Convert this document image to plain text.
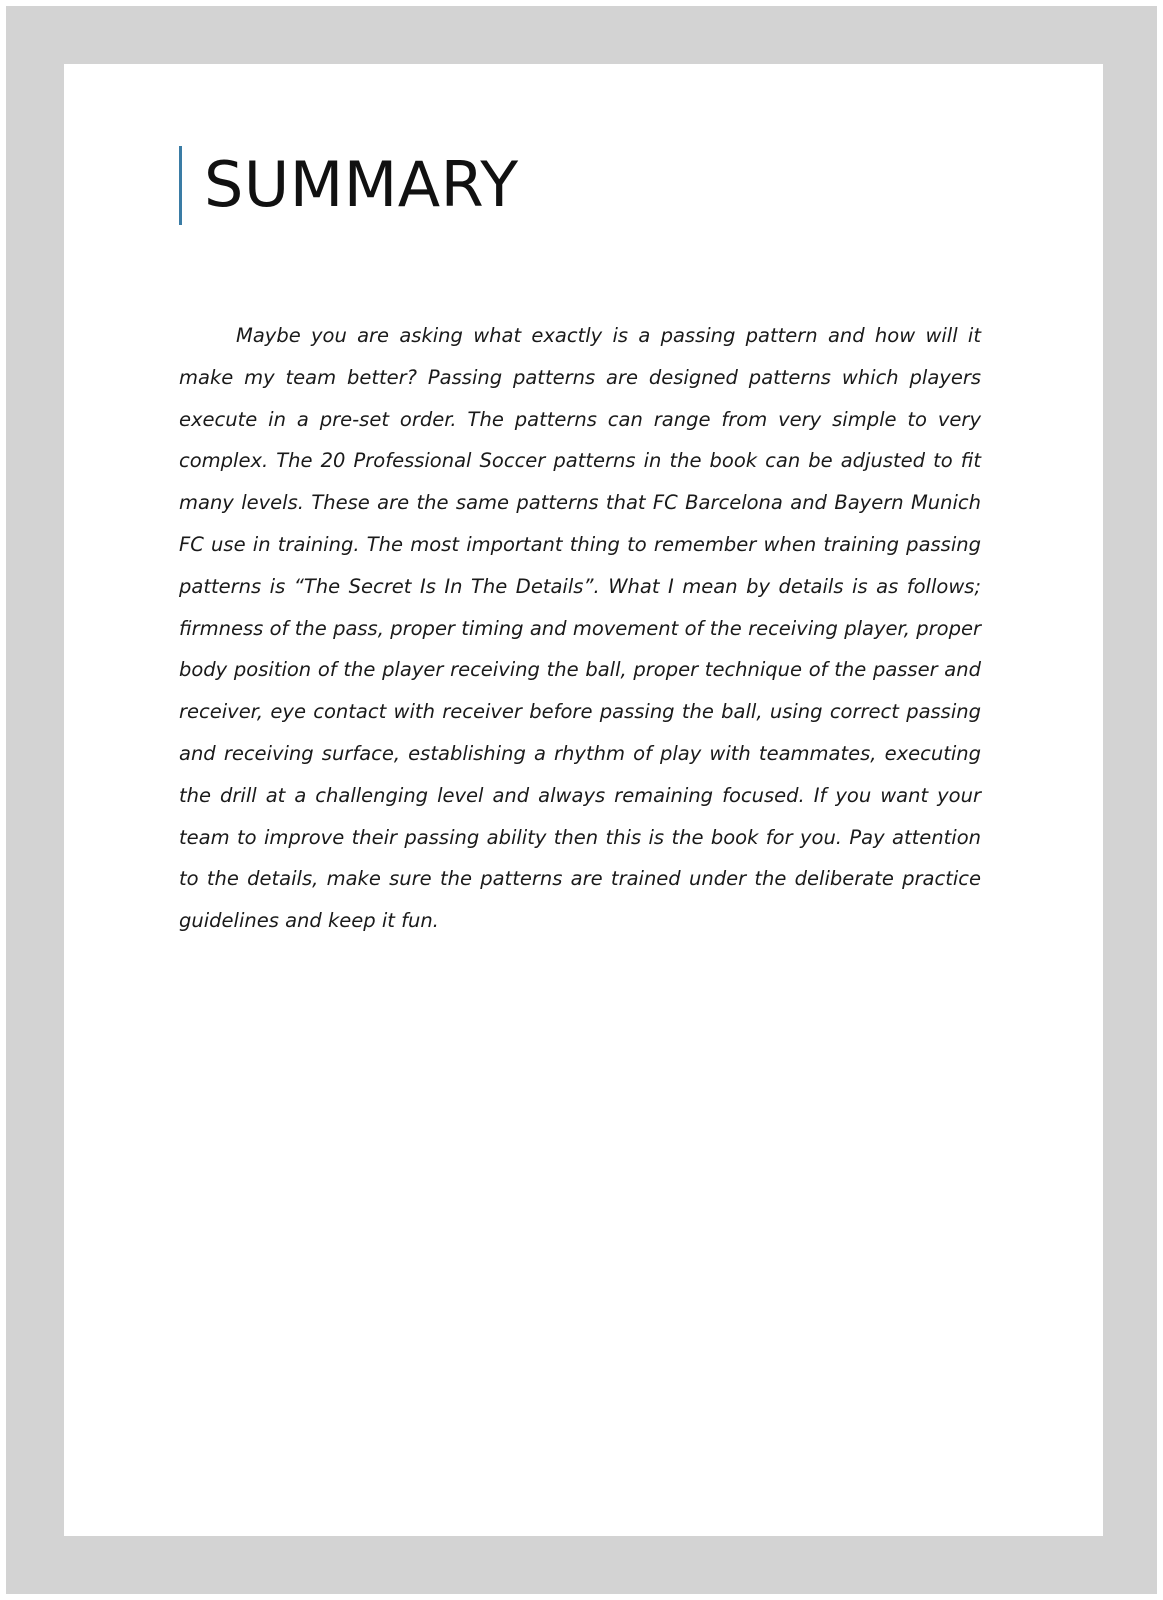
SUMMARY

Maybe you are asking what exactly is a passing pattern and how will it make my team better? Passing patterns are designed patterns which players execute in a pre-set order. The patterns can range from very simple to very complex. The 20 Professional Soccer patterns in the book can be adjusted to fit many levels. These are the same patterns that FC Barcelona and Bayern Munich FC use in training. The most important thing to remember when training passing patterns is “The Secret Is In The Details”. What I mean by details is as follows; firmness of the pass, proper timing and movement of the receiving player, proper body position of the player receiving the ball, proper technique of the passer and receiver, eye contact with receiver before passing the ball, using correct passing and receiving surface, establishing a rhythm of play with teammates, executing the drill at a challenging level and always remaining focused. If you want your team to improve their passing ability then this is the book for you. Pay attention to the details, make sure the patterns are trained under the deliberate practice guidelines and keep it fun.
